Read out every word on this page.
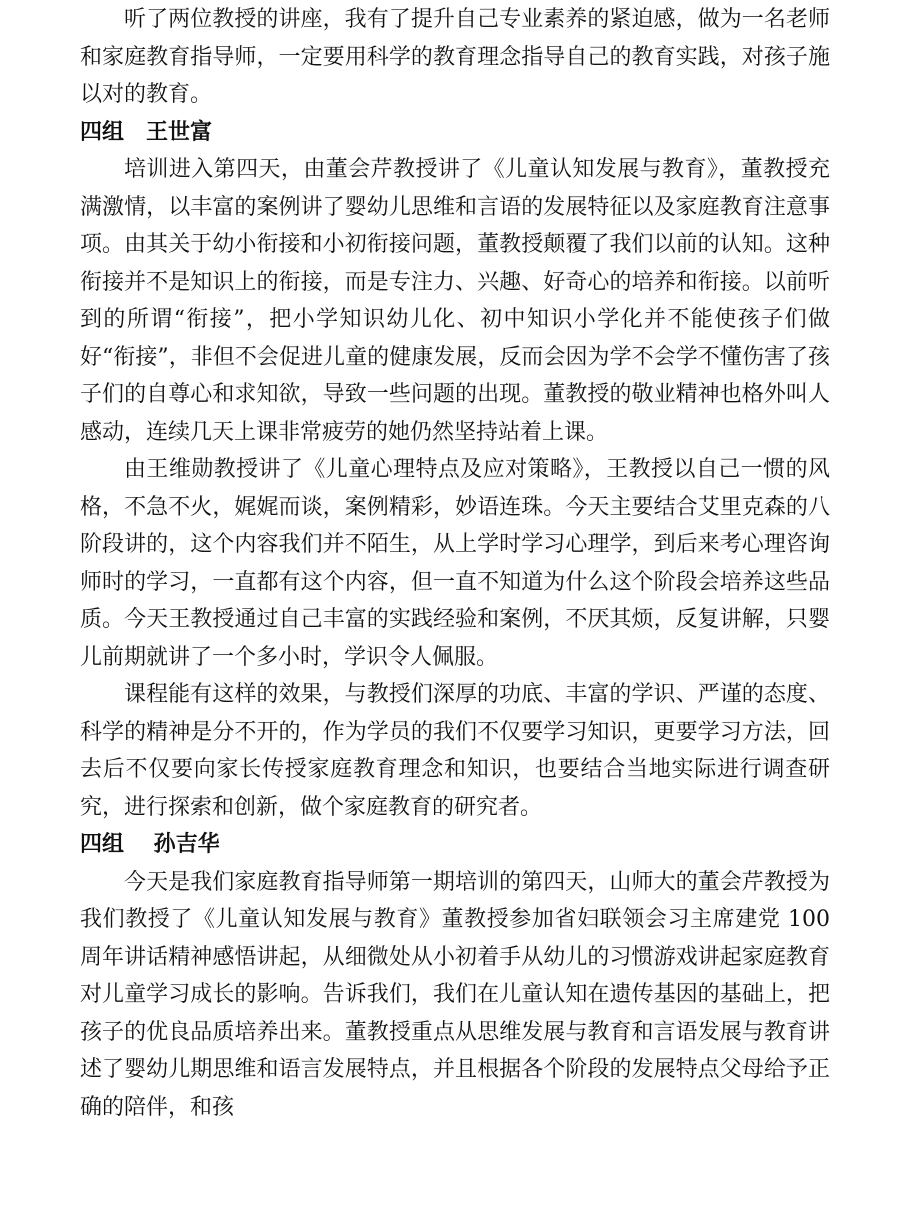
听了两位教授的讲座，我有了提升自己专业素养的紧迫感，做为一名老师和家庭教育指导师，一定要用科学的教育理念指导自己的教育实践，对孩子施以对的教育。

四组　王世富

培训进入第四天，由董会芹教授讲了《儿童认知发展与教育》，董教授充满激情，以丰富的案例讲了婴幼儿思维和言语的发展特征以及家庭教育注意事项。由其关于幼小衔接和小初衔接问题，董教授颠覆了我们以前的认知。这种衔接并不是知识上的衔接，而是专注力、兴趣、好奇心的培养和衔接。以前听到的所谓“衔接”，把小学知识幼儿化、初中知识小学化并不能使孩子们做好“衔接”，非但不会促进儿童的健康发展，反而会因为学不会学不懂伤害了孩子们的自尊心和求知欲，导致一些问题的出现。董教授的敬业精神也格外叫人感动，连续几天上课非常疲劳的她仍然坚持站着上课。

由王维勋教授讲了《儿童心理特点及应对策略》，王教授以自己一惯的风格，不急不火，娓娓而谈，案例精彩，妙语连珠。今天主要结合艾里克森的八阶段讲的，这个内容我们并不陌生，从上学时学习心理学，到后来考心理咨询师时的学习，一直都有这个内容，但一直不知道为什么这个阶段会培养这些品质。今天王教授通过自己丰富的实践经验和案例，不厌其烦，反复讲解，只婴儿前期就讲了一个多小时，学识令人佩服。

课程能有这样的效果，与教授们深厚的功底、丰富的学识、严谨的态度、科学的精神是分不开的，作为学员的我们不仅要学习知识，更要学习方法，回去后不仅要向家长传授家庭教育理念和知识，也要结合当地实际进行调查研究，进行探索和创新，做个家庭教育的研究者。

四组　 孙吉华

今天是我们家庭教育指导师第一期培训的第四天，山师大的董会芹教授为我们教授了《儿童认知发展与教育》董教授参加省妇联领会习主席建党 100 周年讲话精神感悟讲起，从细微处从小初着手从幼儿的习惯游戏讲起家庭教育对儿童学习成长的影响。告诉我们，我们在儿童认知在遗传基因的基础上，把孩子的优良品质培养出来。董教授重点从思维发展与教育和言语发展与教育讲述了婴幼儿期思维和语言发展特点，并且根据各个阶段的发展特点父母给予正确的陪伴，和孩
